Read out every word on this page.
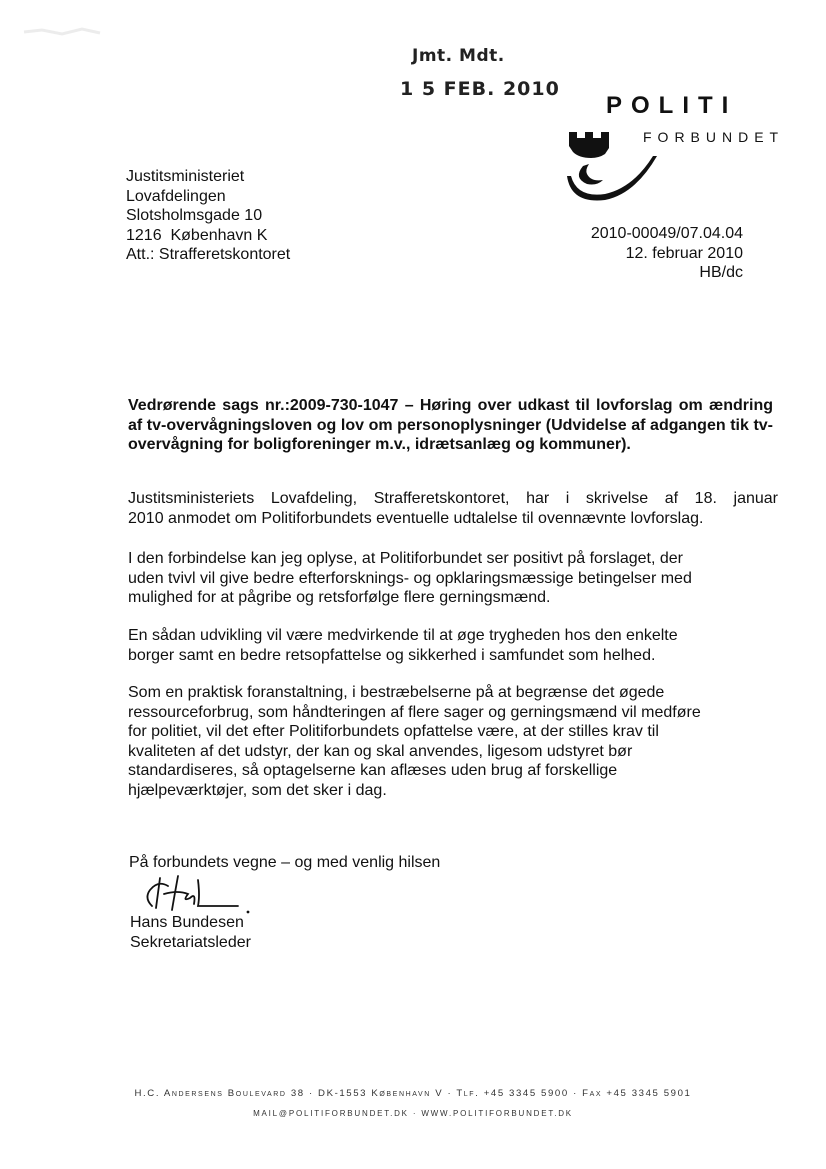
Jmt. Mdt.
1 5 FEB. 2010
POLITI
FORBUNDET
Justitsministeriet
Lovafdelingen
Slotsholmsgade 10
1216  København K
Att.: Strafferetskontoret
2010-00049/07.04.04
12. februar 2010
HB/dc
Vedrørende sags nr.:2009-730-1047 – Høring over udkast til lovforslag om ændring af tv-overvågningsloven og lov om personoplysninger (Udvidelse af adgangen tik tv-overvågning for boligforeninger m.v., idrætsanlæg og kommuner).
Justitsministeriets Lovafdeling, Strafferetskontoret, har i skrivelse af 18. januar
2010 anmodet om Politiforbundets eventuelle udtalelse til ovennævnte lovforslag.
I den forbindelse kan jeg oplyse, at Politiforbundet ser positivt på forslaget, der
uden tvivl vil give bedre efterforsknings- og opklaringsmæssige betingelser med
mulighed for at pågribe og retsforfølge flere gerningsmænd.
En sådan udvikling vil være medvirkende til at øge trygheden hos den enkelte
borger samt en bedre retsopfattelse og sikkerhed i samfundet som helhed.
Som en praktisk foranstaltning, i bestræbelserne på at begrænse det øgede
ressourceforbrug, som håndteringen af flere sager og gerningsmænd vil medføre
for politiet, vil det efter Politiforbundets opfattelse være, at der stilles krav til
kvaliteten af det udstyr, der kan og skal anvendes, ligesom udstyret bør
standardiseres, så optagelserne kan aflæses uden brug af forskellige
hjælpeværktøjer, som det sker i dag.
På forbundets vegne – og med venlig hilsen
Hans Bundesen
Sekretariatsleder
H.C. Andersens Boulevard 38 · DK-1553 København V · Tlf. +45 3345 5900 · Fax +45 3345 5901
MAIL@POLITIFORBUNDET.DK · WWW.POLITIFORBUNDET.DK
